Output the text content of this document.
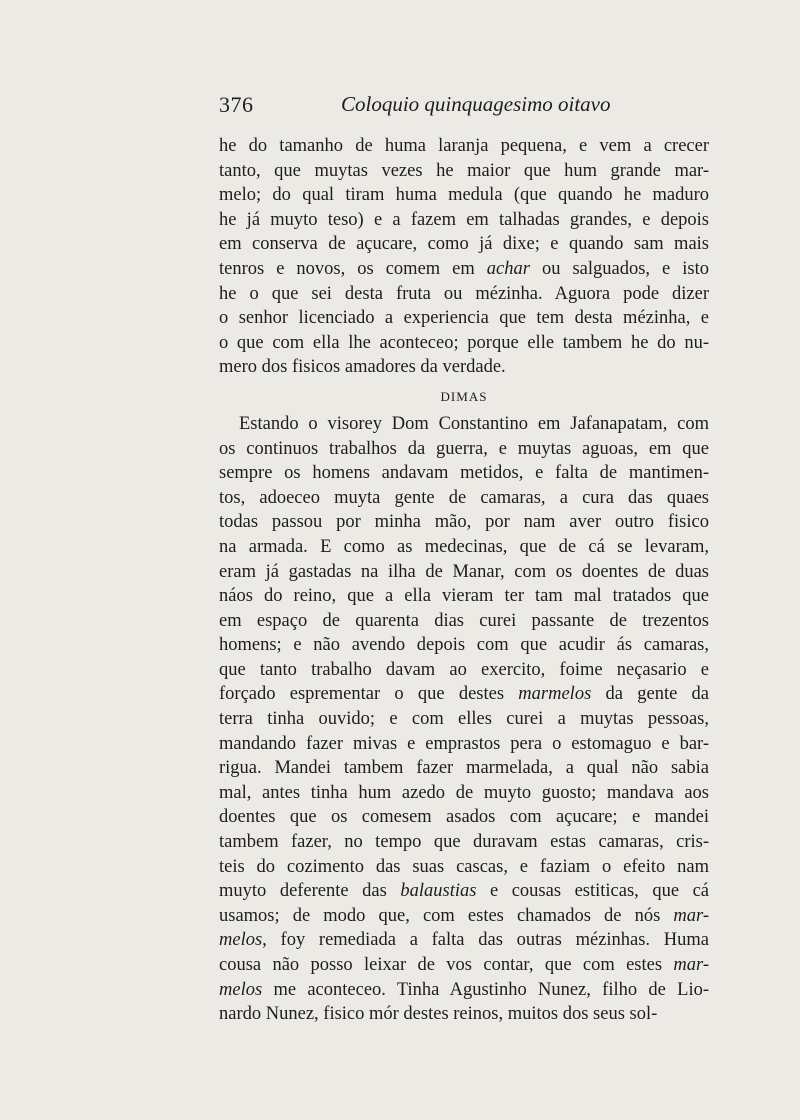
376	Coloquio quinquagesimo oitavo
he do tamanho de huma laranja pequena, e vem a crecer
tanto, que muytas vezes he maior que hum grande mar-
melo; do qual tiram huma medula (que quando he maduro
he já muyto teso) e a fazem em talhadas grandes, e depois
em conserva de açucare, como já dixe; e quando sam mais
tenros e novos, os comem em achar ou salguados, e isto
he o que sei desta fruta ou mézinha. Aguora pode dizer
o senhor licenciado a experiencia que tem desta mézinha, e
o que com ella lhe aconteceo; porque elle tambem he do nu-
mero dos fisicos amadores da verdade.
DIMAS
Estando o visorey Dom Constantino em Jafanapatam, com
os continuos trabalhos da guerra, e muytas aguoas, em que
sempre os homens andavam metidos, e falta de mantimen-
tos, adoeceo muyta gente de camaras, a cura das quaes
todas passou por minha mão, por nam aver outro fisico
na armada. E como as medecinas, que de cá se levaram,
eram já gastadas na ilha de Manar, com os doentes de duas
náos do reino, que a ella vieram ter tam mal tratados que
em espaço de quarenta dias curei passante de trezentos
homens; e não avendo depois com que acudir ás camaras,
que tanto trabalho davam ao exercito, foime neçasario e
forçado esprementar o que destes marmelos da gente da
terra tinha ouvido; e com elles curei a muytas pessoas,
mandando fazer mivas e emprastos pera o estomaguo e bar-
rigua. Mandei tambem fazer marmelada, a qual não sabia
mal, antes tinha hum azedo de muyto guosto; mandava aos
doentes que os comesem asados com açucare; e mandei
tambem fazer, no tempo que duravam estas camaras, cris-
teis do cozimento das suas cascas, e faziam o efeito nam
muyto deferente das balaustias e cousas estiticas, que cá
usamos; de modo que, com estes chamados de nós mar-
melos, foy remediada a falta das outras mézinhas. Huma
cousa não posso leixar de vos contar, que com estes mar-
melos me aconteceo. Tinha Agustinho Nunez, filho de Lio-
nardo Nunez, fisico mór destes reinos, muitos dos seus sol-
